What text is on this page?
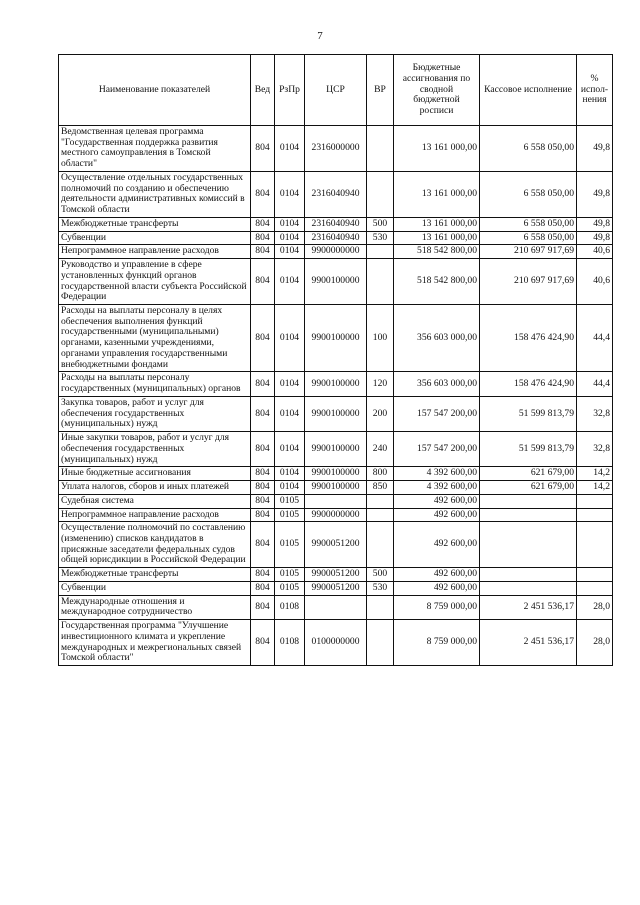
7
Наименование показателей	Вед	РзПр	ЦСР	ВР	Бюджетные ассигнования по сводной бюджетной росписи	Кассовое исполнение	% испол-нения
Ведомственная целевая программа "Государственная поддержка развития местного самоуправления в Томской области"	804	0104	2316000000		13 161 000,00	6 558 050,00	49,8
Осуществление отдельных государственных полномочий по созданию и обеспечению деятельности административных комиссий в Томской области	804	0104	2316040940		13 161 000,00	6 558 050,00	49,8
Межбюджетные трансферты	804	0104	2316040940	500	13 161 000,00	6 558 050,00	49,8
Субвенции	804	0104	2316040940	530	13 161 000,00	6 558 050,00	49,8
Непрограммное направление расходов	804	0104	9900000000		518 542 800,00	210 697 917,69	40,6
Руководство и управление в сфере установленных функций органов государственной власти субъекта Российской Федерации	804	0104	9900100000		518 542 800,00	210 697 917,69	40,6
Расходы на выплаты персоналу в целях обеспечения выполнения функций государственными (муниципальными) органами, казенными учреждениями, органами управления государственными внебюджетными фондами	804	0104	9900100000	100	356 603 000,00	158 476 424,90	44,4
Расходы на выплаты персоналу государственных (муниципальных) органов	804	0104	9900100000	120	356 603 000,00	158 476 424,90	44,4
Закупка товаров, работ и услуг для обеспечения государственных (муниципальных) нужд	804	0104	9900100000	200	157 547 200,00	51 599 813,79	32,8
Иные закупки товаров, работ и услуг для обеспечения государственных (муниципальных) нужд	804	0104	9900100000	240	157 547 200,00	51 599 813,79	32,8
Иные бюджетные ассигнования	804	0104	9900100000	800	4 392 600,00	621 679,00	14,2
Уплата налогов, сборов и иных платежей	804	0104	9900100000	850	4 392 600,00	621 679,00	14,2
Судебная система	804	0105			492 600,00		
Непрограммное направление расходов	804	0105	9900000000		492 600,00		
Осуществление полномочий по составлению (изменению) списков кандидатов в присяжные заседатели федеральных судов общей юрисдикции в Российской Федерации	804	0105	9900051200		492 600,00		
Межбюджетные трансферты	804	0105	9900051200	500	492 600,00		
Субвенции	804	0105	9900051200	530	492 600,00		
Международные отношения и международное сотрудничество	804	0108			8 759 000,00	2 451 536,17	28,0
Государственная программа "Улучшение инвестиционного климата и укрепление международных и межрегиональных связей Томской области"	804	0108	0100000000		8 759 000,00	2 451 536,17	28,0
